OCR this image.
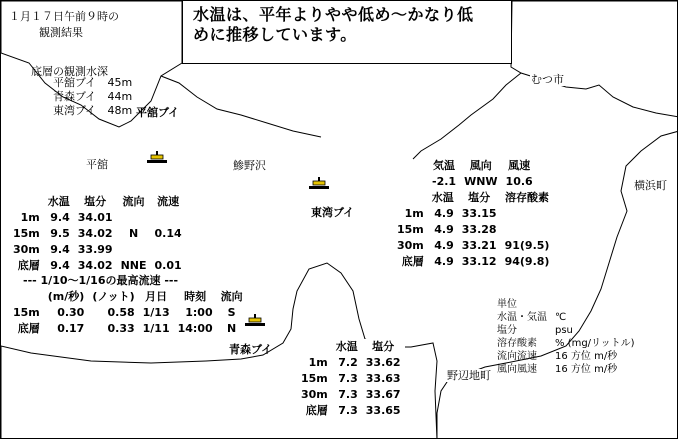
１月１７日午前９時の
観測結果
水温は、平年よりやや低め～かなり低
めに推移しています。
底層の観測水深
平舘ブイ 45m
青森ブイ 44m
東湾ブイ 48m
むつ市
横浜町
平舘	鯵野沢
野辺地町
平舘ブイ
東湾ブイ
青森ブイ
	水温	塩分	流向	流速
1m	9.4	34.01		
15m	9.5	34.02	N	0.14
30m	9.4	33.99		
底層	9.4	34.02	NNE	0.01
--- 1/10～1/16の最高流速 ---
	(m/秒)	(ノット)	月日	時刻	流向
15m	0.30	0.58	1/13	1:00	S
底層	0.17	0.33	1/11	14:00	N
気温	風向	風速
-2.1	WNW	10.6
	水温	塩分	溶存酸素
1m	4.9	33.15	
15m	4.9	33.28	
30m	4.9	33.21	91(9.5)
底層	4.9	33.12	94(9.8)
	水温	塩分
1m	7.2	33.62
15m	7.3	33.63
30m	7.3	33.67
底層	7.3	33.65
単位
水温・気温 ℃
塩分	psu
溶存酸素 % (mg/リットル)
流向流速 16 方位 m/秒
風向風速 16 方位 m/秒
